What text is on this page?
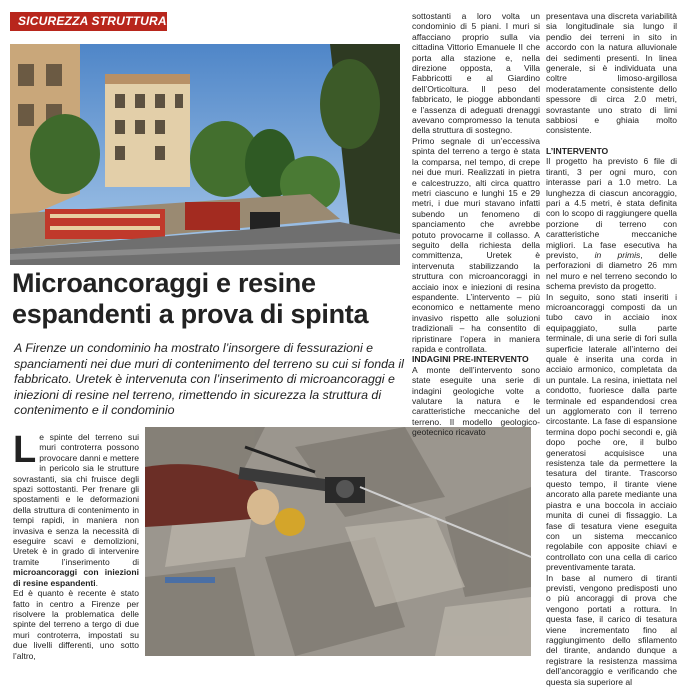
SICUREZZA STRUTTURALE
Microancoraggi e resine espandenti a prova di spinta
A Firenze un condominio ha mostrato l’insorgere di fessurazioni e spanciamenti nei due muri di contenimento del terreno su cui si fonda il fabbricato. Uretek è intervenuta con l’inserimento di microancoraggi e iniezioni di resine nel terreno, rimettendo in sicurezza la struttura di contenimento e il condominio

Le spinte del terreno sui muri controterra possono provocare danni e mettere in pericolo sia le strutture sovrastanti, sia chi fruisce degli spazi sottostanti. Per frenare gli spostamenti e le deformazioni della struttura di contenimento in tempi rapidi, in maniera non invasiva e senza la necessità di eseguire scavi e demolizioni, Uretek è in grado di intervenire tramite l’inserimento di microancoraggi con iniezioni di resine espandenti.

Ed è quanto è recente è stato fatto in centro a Firenze per risolvere la problematica delle spinte del terreno a tergo di due muri controterra, impostati su due livelli differenti, uno sotto l’altro,

sottostanti a loro volta un condominio di 5 piani. I muri si affacciano proprio sulla via cittadina Vittorio Emanuele II che porta alla stazione e, nella direzione opposta, a Villa Fabbricotti e al Giardino dell’Orticoltura. Il peso del fabbricato, le piogge abbondanti e l’assenza di adeguati drenaggi avevano compromesso la tenuta della struttura di sostegno.

Primo segnale di un’eccessiva spinta del terreno a tergo è stata la comparsa, nel tempo, di crepe nei due muri. Realizzati in pietra e calcestruzzo, alti circa quattro metri ciascuno e lunghi 15 e 29 metri, i due muri stavano infatti subendo un fenomeno di spanciamento che avrebbe potuto provocarne il collasso. A seguito della richiesta della committenza, Uretek è intervenuta stabilizzando la struttura con microancoraggi in acciaio inox e iniezioni di resina espandente. L’intervento – più economico e nettamente meno invasivo rispetto alle soluzioni tradizionali – ha consentito di ripristinare l’opera in maniera rapida e controllata.

INDAGINI PRE-INTERVENTO

A monte dell’intervento sono state eseguite una serie di indagini geologiche volte a valutare la natura e le caratteristiche meccaniche del terreno. Il modello geologico-geotecnico ricavato

presentava una discreta variabilità sia longitudinale sia lungo il pendio dei terreni in sito in accordo con la natura alluvionale dei sedimenti presenti. In linea generale, si è individuata una coltre limoso-argillosa moderatamente consistente dello spessore di circa 2.0 metri, sovrastante uno strato di limi sabbiosi e ghiaia molto consistente.

L’INTERVENTO

Il progetto ha previsto 6 file di tiranti, 3 per ogni muro, con interasse pari a 1.0 metro. La lunghezza di ciascun ancoraggio, pari a 4.5 metri, è stata definita con lo scopo di raggiungere quella porzione di terreno con caratteristiche meccaniche migliori. La fase esecutiva ha previsto, in primis, delle perforazioni di diametro 26 mm nel muro e nel terreno secondo lo schema previsto da progetto.

In seguito, sono stati inseriti i microancoraggi composti da un tubo cavo in acciaio inox equipaggiato, sulla parte terminale, di una serie di fori sulla superficie laterale all’interno dei quale è inserita una corda in acciaio armonico, completata da un puntale. La resina, iniettata nel condotto, fuoriesce dalla parte terminale ed espandendosi crea un agglomerato con il terreno circostante. La fase di espansione termina dopo pochi secondi e, già dopo poche ore, il bulbo generatosi acquisisce una resistenza tale da permettere la tesatura del tirante. Trascorso questo tempo, il tirante viene ancorato alla parete mediante una piastra e una boccola in acciaio munita di cunei di fissaggio. La fase di tesatura viene eseguita con un sistema meccanico regolabile con apposite chiavi e controllato con una cella di carico preventivamente tarata.

In base al numero di tiranti previsti, vengono predisposti uno o più ancoraggi di prova che vengono portati a rottura. In questa fase, il carico di tesatura viene incrementato fino al raggiungimento dello sfilamento del tirante, andando dunque a registrare la resistenza massima dell’ancoraggio e verificando che questa sia superiore al
